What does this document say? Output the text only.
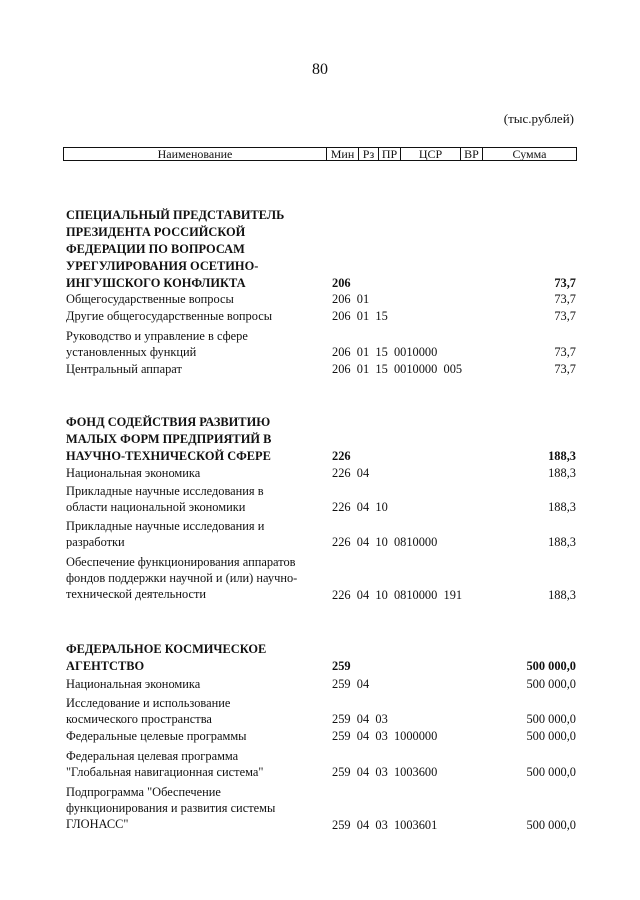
80
(тыс.рублей)
Наименование	Мин Рз ПР	ЦСР	ВР	Сумма
СПЕЦИАЛЬНЫЙ ПРЕДСТАВИТЕЛЬ ПРЕЗИДЕНТА РОССИЙСКОЙ ФЕДЕРАЦИИ ПО ВОПРОСАМ УРЕГУЛИРОВАНИЯ ОСЕТИНО-ИНГУШСКОГО КОНФЛИКТА	206	73,7
Общегосударственные вопросы	206  01	73,7
Другие общегосударственные вопросы	206  01  15	73,7
Руководство и управление в сфере установленных функций	206  01  15  0010000	73,7
Центральный аппарат	206  01  15  0010000  005	73,7
ФОНД СОДЕЙСТВИЯ РАЗВИТИЮ МАЛЫХ ФОРМ ПРЕДПРИЯТИЙ В НАУЧНО-ТЕХНИЧЕСКОЙ СФЕРЕ	226	188,3
Национальная экономика	226  04	188,3
Прикладные научные исследования в области национальной экономики	226  04  10	188,3
Прикладные научные исследования и разработки	226  04  10  0810000	188,3
Обеспечение функционирования аппаратов фондов поддержки научной и (или) научно-технической деятельности	226  04  10  0810000  191	188,3
ФЕДЕРАЛЬНОЕ КОСМИЧЕСКОЕ АГЕНТСТВО	259	500 000,0
Национальная экономика	259  04	500 000,0
Исследование и использование космического пространства	259  04  03	500 000,0
Федеральные целевые программы	259  04  03  1000000	500 000,0
Федеральная целевая программа "Глобальная навигационная система"	259  04  03  1003600	500 000,0
Подпрограмма "Обеспечение функционирования и развития системы ГЛОНАСС"	259  04  03  1003601	500 000,0
